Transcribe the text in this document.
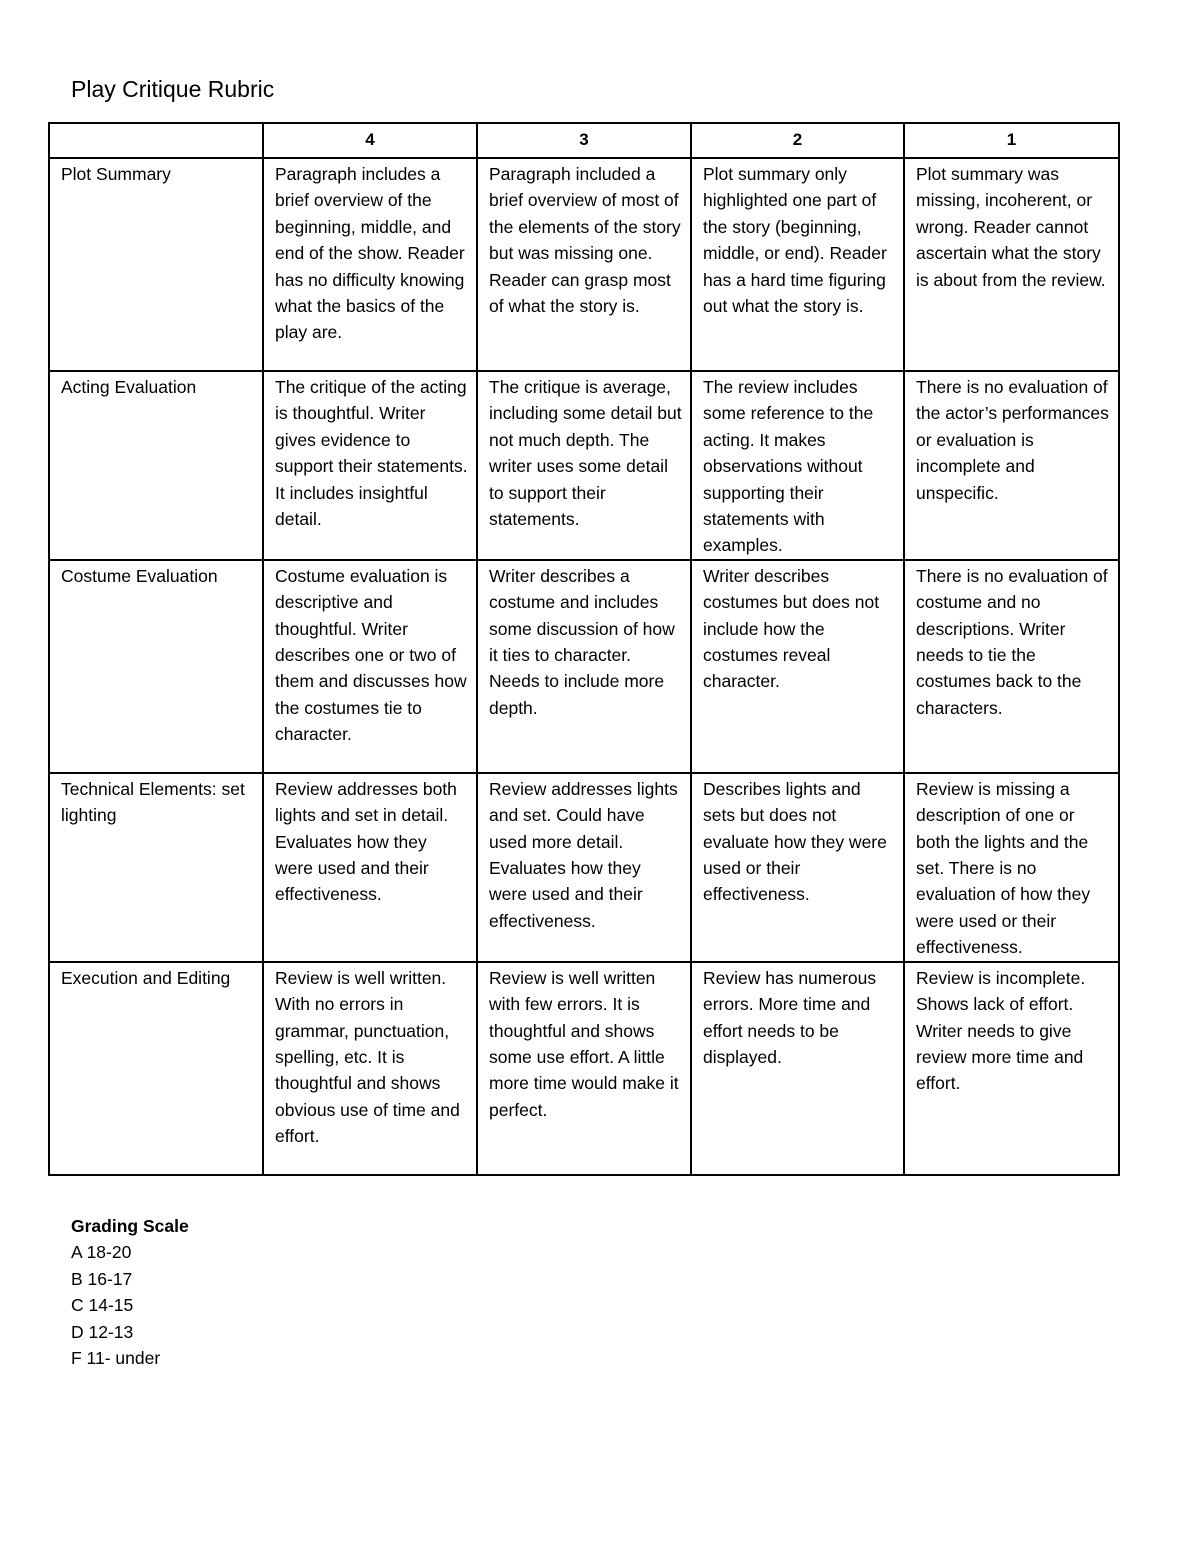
Play Critique Rubric
	4	3	2	1
Plot Summary	Paragraph includes a brief overview of the beginning, middle, and end of the show. Reader has no difficulty knowing what the basics of the play are.	Paragraph included a brief overview of most of the elements of the story but was missing one. Reader can grasp most of what the story is.	Plot summary only highlighted one part of the story (beginning, middle, or end). Reader has a hard time figuring out what the story is.	Plot summary was missing, incoherent, or wrong. Reader cannot ascertain what the story is about from the review.
Acting Evaluation	The critique of the acting is thoughtful. Writer gives evidence to support their statements. It includes insightful detail.	The critique is average, including some detail but not much depth. The writer uses some detail to support their statements.	The review includes some reference to the acting. It makes observations without supporting their statements with examples.	There is no evaluation of the actor’s performances or evaluation is incomplete and unspecific.
Costume Evaluation	Costume evaluation is descriptive and thoughtful. Writer describes one or two of them and discusses how the costumes tie to character.	Writer describes a costume and includes some discussion of how it ties to character. Needs to include more depth.	Writer describes costumes but does not include how the costumes reveal character.	There is no evaluation of costume and no descriptions. Writer needs to tie the costumes back to the characters.
Technical Elements: set lighting	Review addresses both lights and set in detail. Evaluates how they were used and their effectiveness.	Review addresses lights and set. Could have used more detail. Evaluates how they were used and their effectiveness.	Describes lights and sets but does not evaluate how they were used or their effectiveness.	Review is missing a description of one or both the lights and the set. There is no evaluation of how they were used or their effectiveness.
Execution and Editing	Review is well written. With no errors in grammar, punctuation, spelling, etc. It is thoughtful and shows obvious use of time and effort.	Review is well written with few errors. It is thoughtful and shows some use effort. A little more time would make it perfect.	Review has numerous errors. More time and effort needs to be displayed.	Review is incomplete. Shows lack of effort. Writer needs to give review more time and effort.
Grading Scale
A 18-20
B 16-17
C 14-15
D 12-13
F 11- under
